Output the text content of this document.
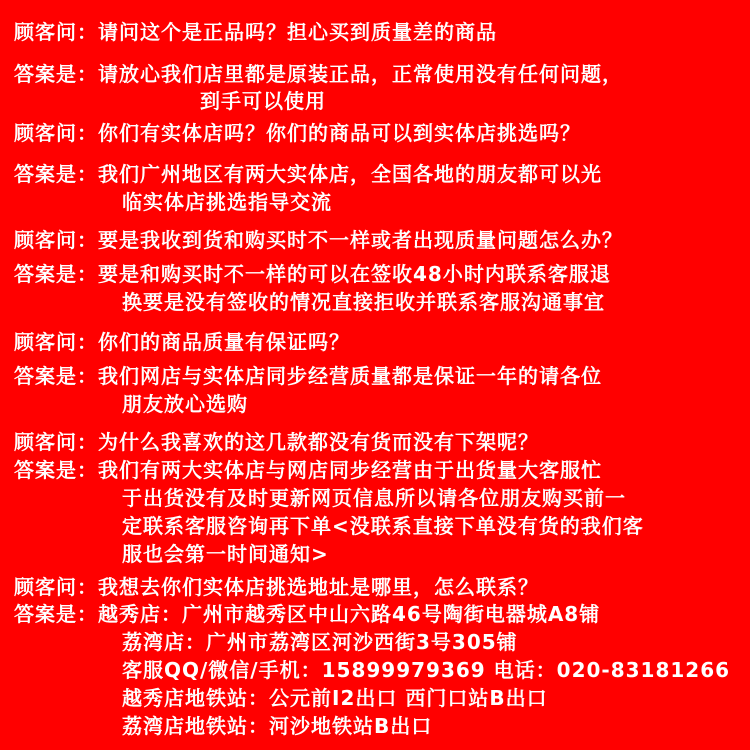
顾客问：请问这个是正品吗？担心买到质量差的商品
答案是：请放心我们店里都是原装正品，正常使用没有任何问题，
到手可以使用
顾客问：你们有实体店吗？你们的商品可以到实体店挑选吗？
答案是：我们广州地区有两大实体店，全国各地的朋友都可以光
临实体店挑选指导交流
顾客问：要是我收到货和购买时不一样或者出现质量问题怎么办？
答案是：要是和购买时不一样的可以在签收48小时内联系客服退
换要是没有签收的情况直接拒收并联系客服沟通事宜
顾客问：你们的商品质量有保证吗？
答案是：我们网店与实体店同步经营质量都是保证一年的请各位
朋友放心选购
顾客问：为什么我喜欢的这几款都没有货而没有下架呢？
答案是：我们有两大实体店与网店同步经营由于出货量大客服忙
于出货没有及时更新网页信息所以请各位朋友购买前一
定联系客服咨询再下单<没联系直接下单没有货的我们客
服也会第一时间通知>
顾客问：我想去你们实体店挑选地址是哪里，怎么联系？
答案是：越秀店：广州市越秀区中山六路46号陶街电器城A8铺
荔湾店：广州市荔湾区河沙西街3号305铺
客服QQ/微信/手机：15899979369 电话：020-83181266
越秀店地铁站：公元前I2出口 西门口站B出口
荔湾店地铁站：河沙地铁站B出口
